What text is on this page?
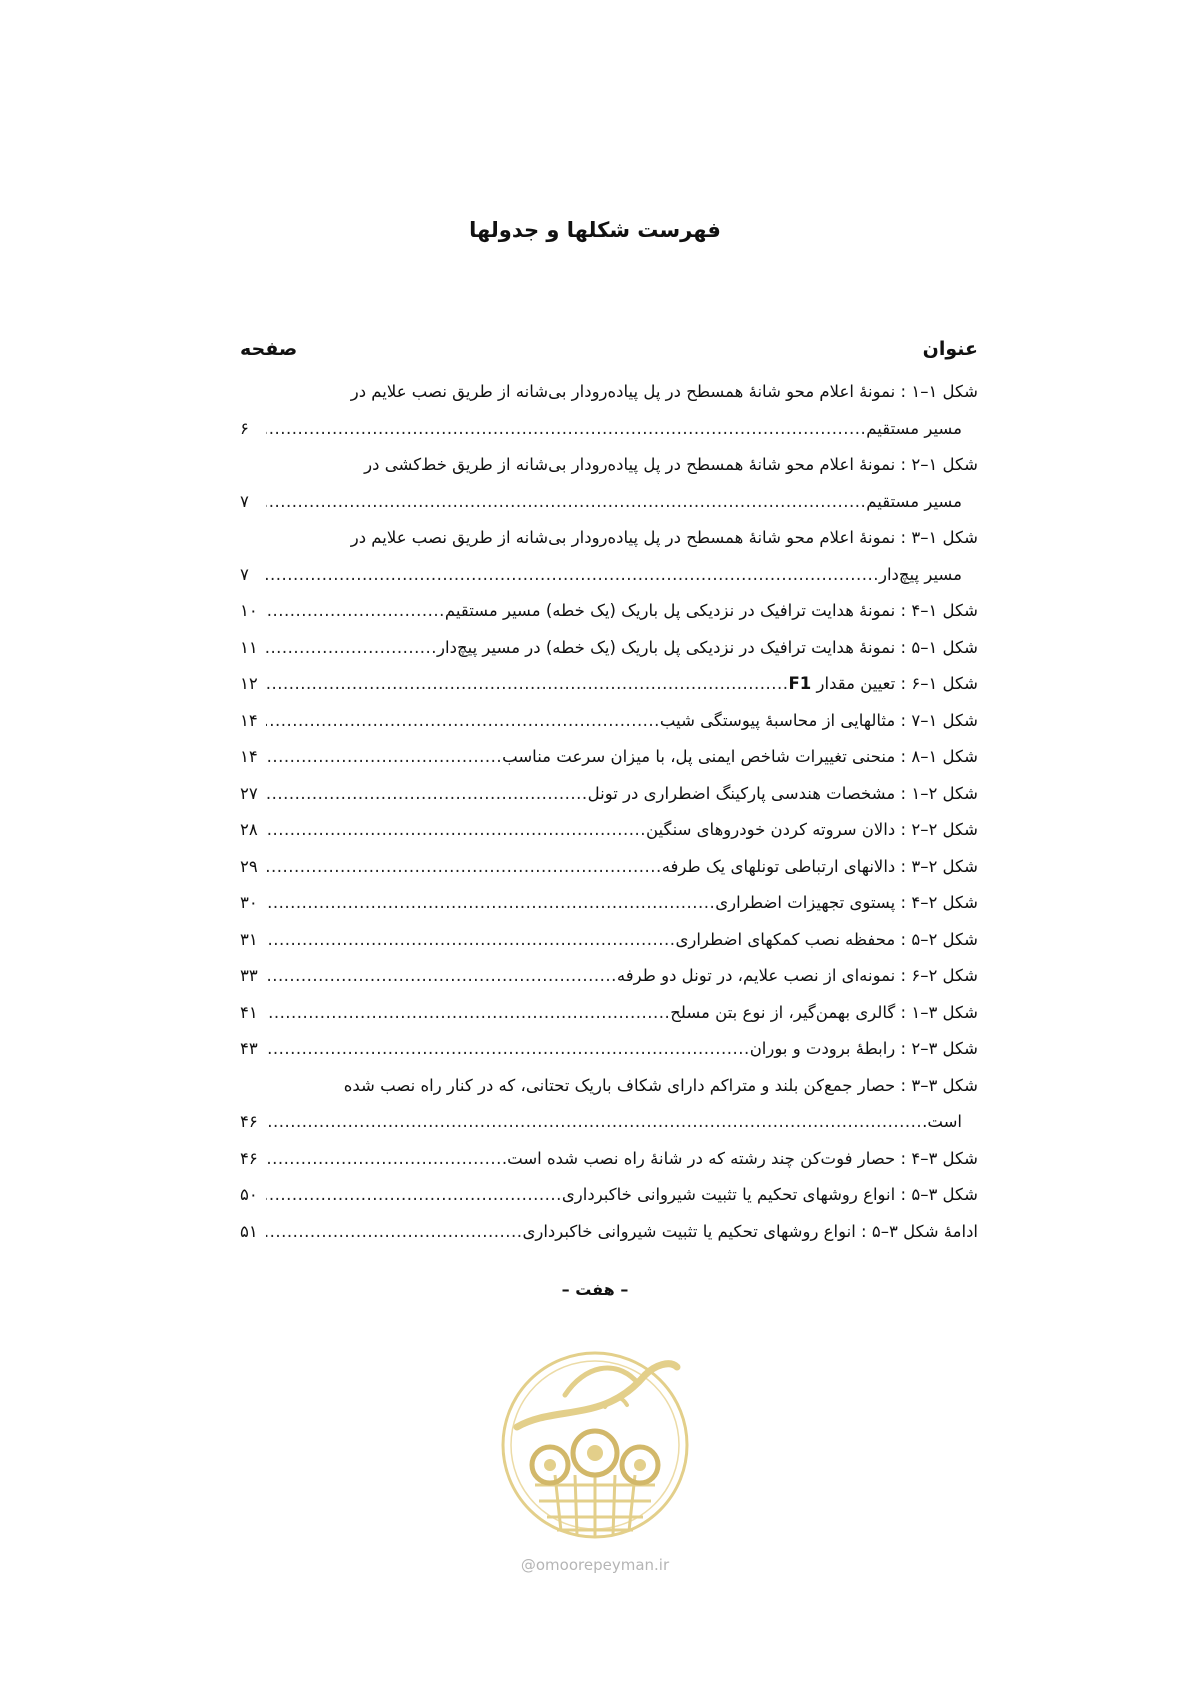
فهرست شکلها و جدولها
عنوان
صفحه
شکل ۱–۱ : نمونۀ اعلام محو شانۀ همسطح در پل پیاده‌رودار بی‌شانه از طریق نصب علایم در
مسیر مستقیم
.....
۶
شکل ۱–۲ : نمونۀ اعلام محو شانۀ همسطح در پل پیاده‌رودار بی‌شانه از طریق خط‌کشی در
مسیر مستقیم
.....
۷
شکل ۱–۳ : نمونۀ اعلام محو شانۀ همسطح در پل پیاده‌رودار بی‌شانه از طریق نصب علایم در
مسیر پیچ‌دار
.....
۷
شکل ۱–۴ : نمونۀ هدایت ترافیک در نزدیکی پل باریک (یک خطه) مسیر مستقیم
.....
۱۰
شکل ۱–۵ : نمونۀ هدایت ترافیک در نزدیکی پل باریک (یک خطه) در مسیر پیچ‌دار
.....
۱۱
شکل ۱–۶ : تعیین مقدار F1
.....
۱۲
شکل ۱–۷ : مثالهایی از محاسبۀ پیوستگی شیب
.....
۱۴
شکل ۱–۸ : منحنی تغییرات شاخص ایمنی پل، با میزان سرعت مناسب
.....
۱۴
شکل ۲–۱ : مشخصات هندسی پارکینگ اضطراری در تونل
.....
۲۷
شکل ۲–۲ : دالان سروته کردن خودروهای سنگین
.....
۲۸
شکل ۲–۳ : دالانهای ارتباطی تونلهای یک طرفه
.....
۲۹
شکل ۲–۴ : پستوی تجهیزات اضطراری
.....
۳۰
شکل ۲–۵ : محفظه نصب کمکهای اضطراری
.....
۳۱
شکل ۲–۶ : نمونه‌ای از نصب علایم، در تونل دو طرفه
.....
۳۳
شکل ۳–۱ : گالری بهمن‌گیر، از نوع بتن مسلح
.....
۴۱
شکل ۳–۲ : رابطۀ برودت و بوران
.....
۴۳
شکل ۳–۳ : حصار جمع‌کن بلند و متراکم دارای شکاف باریک تحتانی، که در کنار راه نصب شده
است.
.....
۴۶
شکل ۳–۴ : حصار فوت‌کن چند رشته که در شانۀ راه نصب شده است.
.....
۴۶
شکل ۳–۵ : انواع روشهای تحکیم یا تثبیت شیروانی خاکبرداری
.....
۵۰
ادامۀ شکل ۳–۵ : انواع روشهای تحکیم یا تثبیت شیروانی خاکبرداری
.....
۵۱
– هفت –
@omoorepeyman.ir
